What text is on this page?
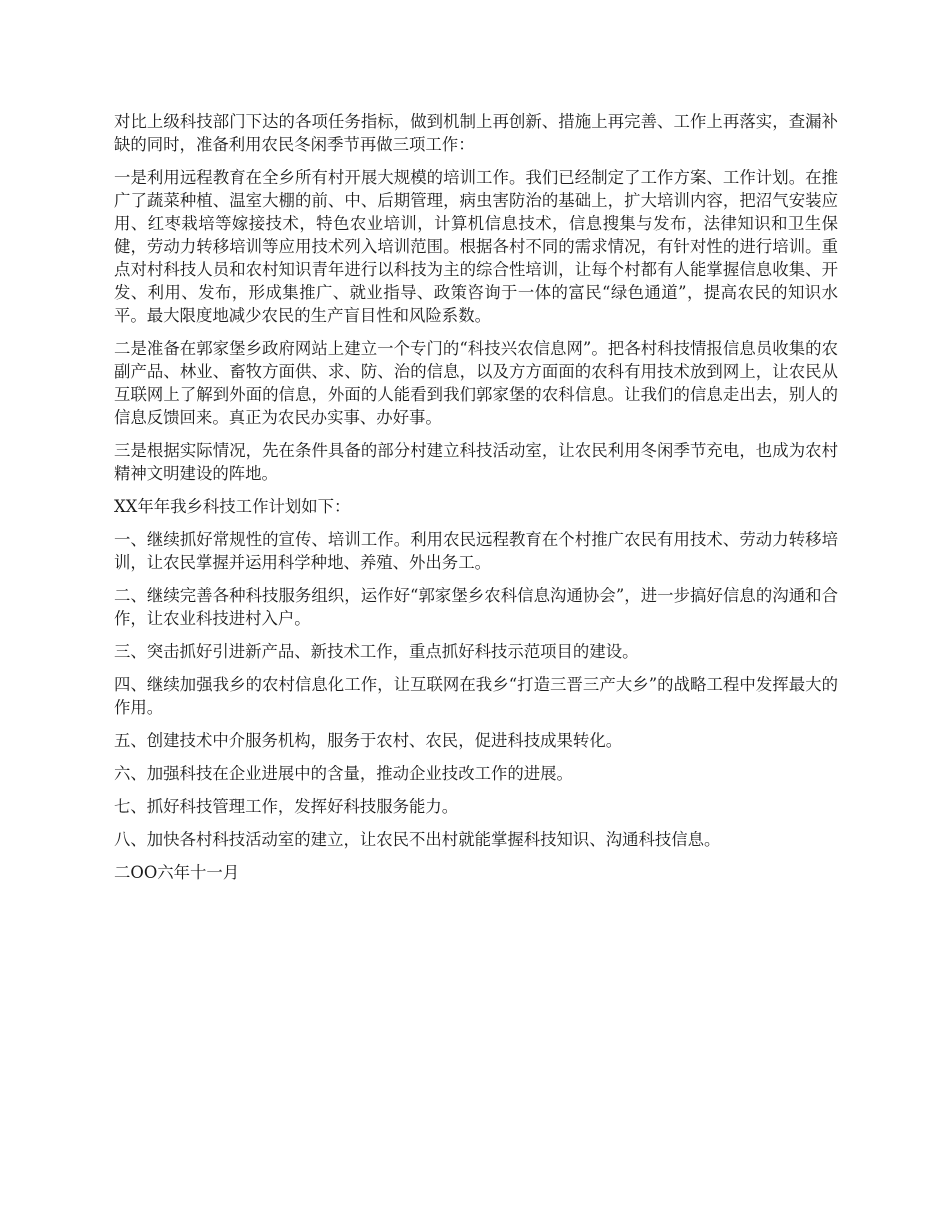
对比上级科技部门下达的各项任务指标，做到机制上再创新、措施上再完善、工作上再落实，查漏补缺的同时，准备利用农民冬闲季节再做三项工作：

一是利用远程教育在全乡所有村开展大规模的培训工作。我们已经制定了工作方案、工作计划。在推广了蔬菜种植、温室大棚的前、中、后期管理，病虫害防治的基础上，扩大培训内容，把沼气安装应用、红枣栽培等嫁接技术，特色农业培训，计算机信息技术，信息搜集与发布，法律知识和卫生保健，劳动力转移培训等应用技术列入培训范围。根据各村不同的需求情况，有针对性的进行培训。重点对村科技人员和农村知识青年进行以科技为主的综合性培训，让每个村都有人能掌握信息收集、开发、利用、发布，形成集推广、就业指导、政策咨询于一体的富民“绿色通道”，提高农民的知识水平。最大限度地减少农民的生产盲目性和风险系数。

二是准备在郭家堡乡政府网站上建立一个专门的“科技兴农信息网”。把各村科技情报信息员收集的农副产品、林业、畜牧方面供、求、防、治的信息，以及方方面面的农科有用技术放到网上，让农民从互联网上了解到外面的信息，外面的人能看到我们郭家堡的农科信息。让我们的信息走出去，别人的信息反馈回来。真正为农民办实事、办好事。

三是根据实际情况，先在条件具备的部分村建立科技活动室，让农民利用冬闲季节充电，也成为农村精神文明建设的阵地。

XX年年我乡科技工作计划如下：

一、继续抓好常规性的宣传、培训工作。利用农民远程教育在个村推广农民有用技术、劳动力转移培训，让农民掌握并运用科学种地、养殖、外出务工。

二、继续完善各种科技服务组织，运作好“郭家堡乡农科信息沟通协会”，进一步搞好信息的沟通和合作，让农业科技进村入户。

三、突击抓好引进新产品、新技术工作，重点抓好科技示范项目的建设。

四、继续加强我乡的农村信息化工作，让互联网在我乡“打造三晋三产大乡”的战略工程中发挥最大的作用。

五、创建技术中介服务机构，服务于农村、农民，促进科技成果转化。

六、加强科技在企业进展中的含量，推动企业技改工作的进展。

七、抓好科技管理工作，发挥好科技服务能力。

八、加快各村科技活动室的建立，让农民不出村就能掌握科技知识、沟通科技信息。

二OO六年十一月
